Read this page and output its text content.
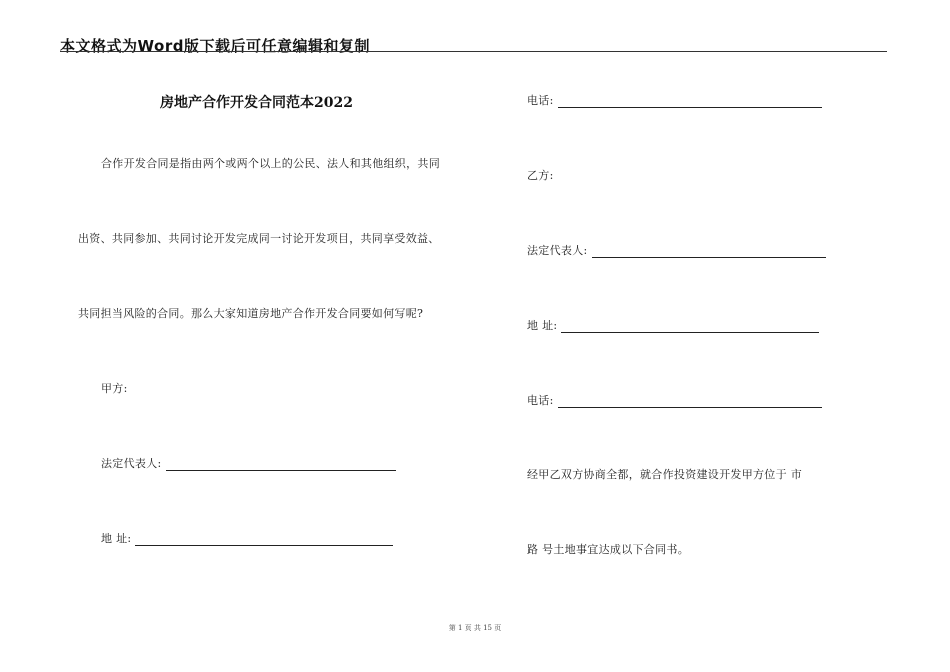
本文格式为Word版下载后可任意编辑和复制
房地产合作开发合同范本2022
合作开发合同是指由两个或两个以上的公民、法人和其他组织，共同
出资、共同参加、共同讨论开发完成同一讨论开发项目，共同享受效益、
共同担当风险的合同。那么大家知道房地产合作开发合同要如何写呢?
甲方:
法定代表人:
地 址:
电话:
乙方:
法定代表人:
地 址:
电话:
经甲乙双方协商全都，就合作投资建设开发甲方位于 市
路 号土地事宜达成以下合同书。
第 1 页 共 15 页
